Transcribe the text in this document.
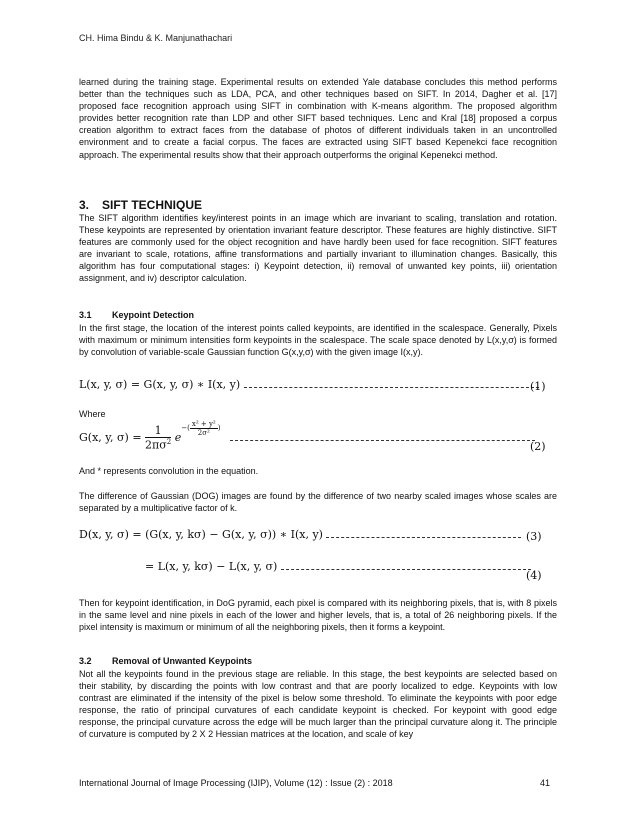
CH. Hima Bindu & K. Manjunathachari

learned during the training stage. Experimental results on extended Yale database concludes this method performs better than the techniques such as LDA, PCA, and other techniques based on SIFT. In 2014, Dagher et al. [17] proposed face recognition approach using SIFT in combination with K-means algorithm. The proposed algorithm provides better recognition rate than LDP and other SIFT based techniques. Lenc and Kral [18] proposed a corpus creation algorithm to extract faces from the database of photos of different individuals taken in an uncontrolled environment and to create a facial corpus. The faces are extracted using SIFT based Kepenekci face recognition approach. The experimental results show that their approach outperforms the original Kepenekci method.

3. SIFT TECHNIQUE

The SIFT algorithm identifies key/interest points in an image which are invariant to scaling, translation and rotation. These keypoints are represented by orientation invariant feature descriptor. These features are highly distinctive. SIFT features are commonly used for the object recognition and have hardly been used for face recognition. SIFT features are invariant to scale, rotations, affine transformations and partially invariant to illumination changes. Basically, this algorithm has four computational stages: i) Keypoint detection, ii) removal of unwanted key points, iii) orientation assignment, and iv) descriptor calculation.

3.1 Keypoint Detection

In the first stage, the location of the interest points called keypoints, are identified in the scalespace. Generally, Pixels with maximum or minimum intensities form keypoints in the scalespace. The scale space denoted by L(x,y,σ) is formed by convolution of variable-scale Gaussian function G(x,y,σ) with the given image I(x,y).

L(x, y, σ) = G(x, y, σ) ∗ I(x, y)	(1)
Where
G(x, y, $\sigma) = \frac{1}{2\pi\sigma^2} e^{-( \frac{\text{x² + y²}}{\text{2σ²}} )}$
(2)
And * represents convolution in the equation.

The difference of Gaussian (DOG) images are found by the difference of two nearby scaled images whose scales are separated by a multiplicative factor of k.

D(x, y, σ) = (G(x, y, kσ) − G(x, y, σ)) ∗ I(x, y)	(3)
= L(x, y, kσ) − L(x, y, σ)
(4)

Then for keypoint identification, in DoG pyramid, each pixel is compared with its neighboring pixels, that is, with 8 pixels in the same level and nine pixels in each of the lower and higher levels, that is, a total of 26 neighboring pixels. If the pixel intensity is maximum or minimum of all the neighboring pixels, then it forms a keypoint.

3.2 Removal of Unwanted Keypoints

Not all the keypoints found in the previous stage are reliable. In this stage, the best keypoints are selected based on their stability, by discarding the points with low contrast and that are poorly localized to edge. Keypoints with low contrast are eliminated if the intensity of the pixel is below some threshold. To eliminate the keypoints with poor edge response, the ratio of principal curvatures of each candidate keypoint is checked. For keypoint with good edge response, the principal curvature across the edge will be much larger than the principal curvature along it. The principle of curvature is computed by 2 X 2 Hessian matrices at the location, and scale of key

International Journal of Image Processing (IJIP), Volume (12) : Issue (2) : 2018	41
